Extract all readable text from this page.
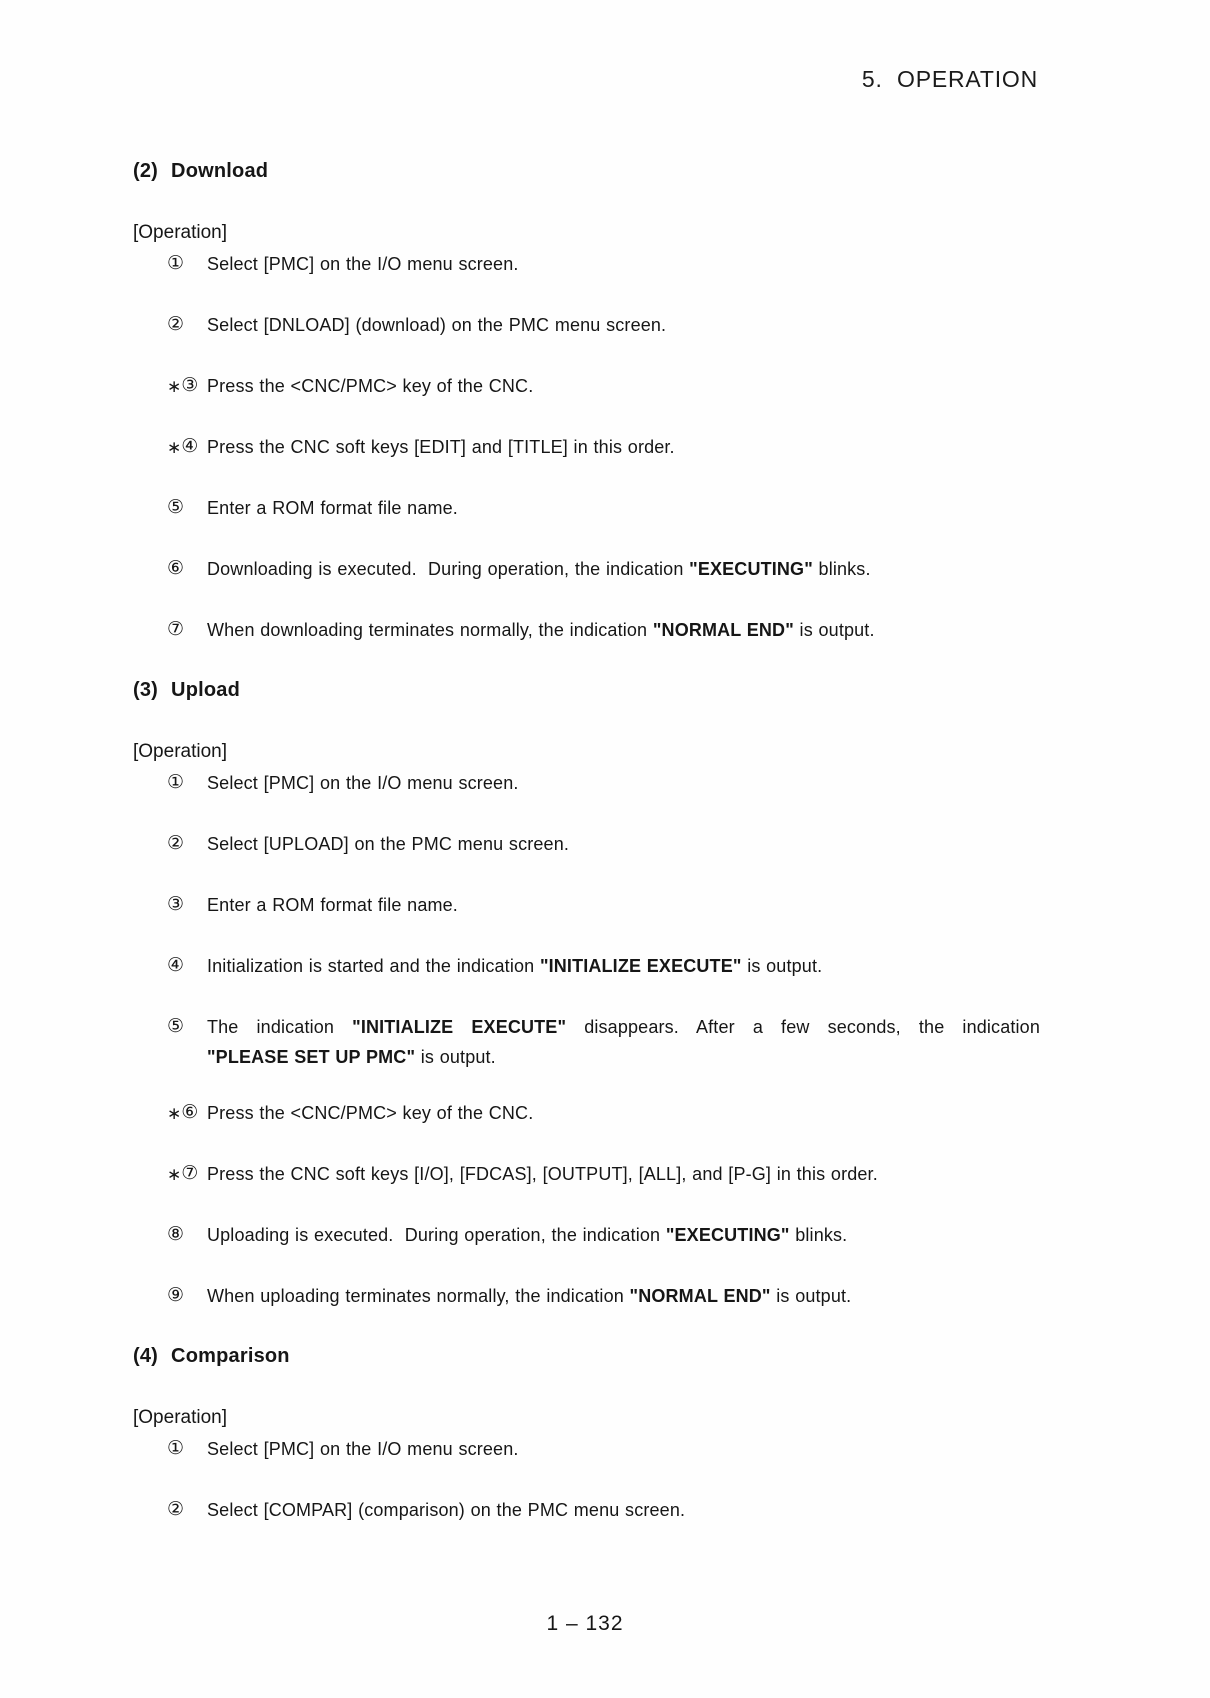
5.  OPERATION
(2) Download
[Operation]
①	Select [PMC] on the I/O menu screen.
②	Select [DNLOAD] (download) on the PMC menu screen.
∗③ Press the <CNC/PMC> key of the CNC.
∗④ Press the CNC soft keys [EDIT] and [TITLE] in this order.
⑤	Enter a ROM format file name.
⑥	Downloading is executed.  During operation, the indication "EXECUTING" blinks.
⑦	When downloading terminates normally, the indication "NORMAL END" is output.
(3) Upload
[Operation]
①	Select [PMC] on the I/O menu screen.
②	Select [UPLOAD] on the PMC menu screen.
③	Enter a ROM format file name.
④	Initialization is started and the indication "INITIALIZE EXECUTE" is output.
⑤	The indication "INITIALIZE EXECUTE" disappears. After a few seconds, the indication
"PLEASE SET UP PMC" is output.
∗⑥ Press the <CNC/PMC> key of the CNC.
∗⑦ Press the CNC soft keys [I/O], [FDCAS], [OUTPUT], [ALL], and [P-G] in this order.
⑧	Uploading is executed.  During operation, the indication "EXECUTING" blinks.
⑨	When uploading terminates normally, the indication "NORMAL END" is output.
(4) Comparison
[Operation]
①	Select [PMC] on the I/O menu screen.
②	Select [COMPAR] (comparison) on the PMC menu screen.
1 – 132
